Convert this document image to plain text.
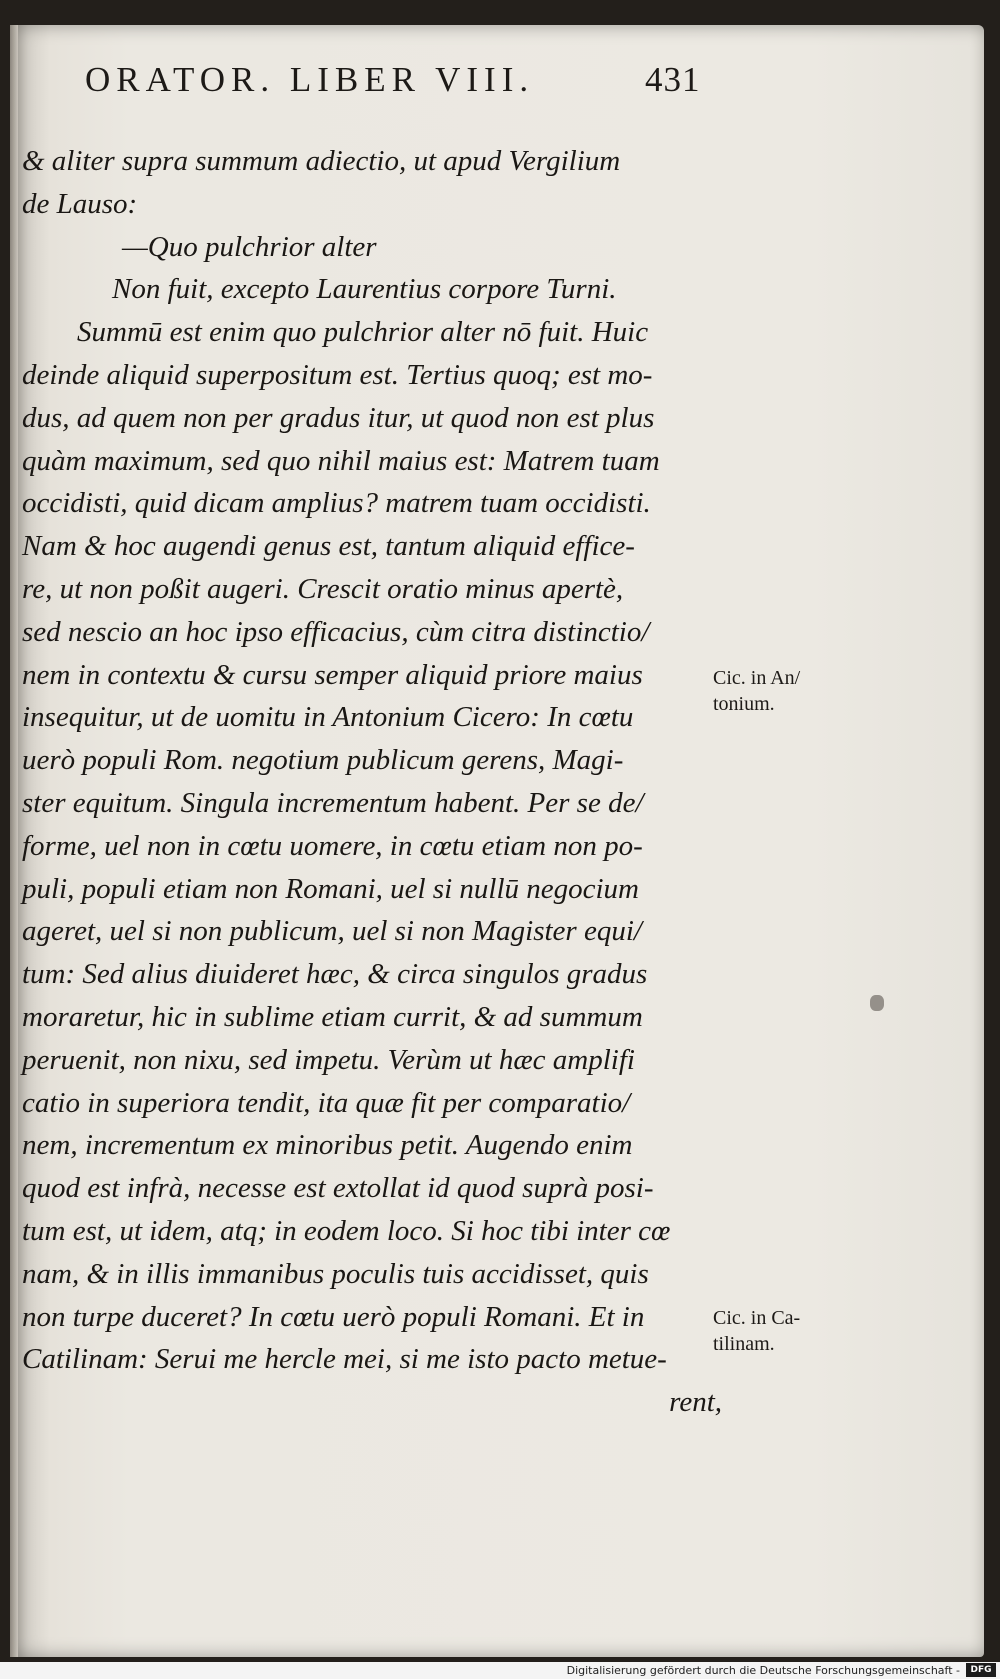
ORATOR. LIBER VIII.	431
& aliter supra summum adiectio, ut apud Vergilium
de Lauso:
—Quo pulchrior alter
Non fuit, excepto Laurentius corpore Turni.
Summū est enim quo pulchrior alter nō fuit. Huic
deinde aliquid superpositum est. Tertius quoq; est mo-
dus, ad quem non per gradus itur, ut quod non est plus
quàm maximum, sed quo nihil maius est: Matrem tuam
occidisti, quid dicam amplius? matrem tuam occidisti.
Nam & hoc augendi genus est, tantum aliquid effice-
re, ut non poßit augeri. Crescit oratio minus apertè,
sed nescio an hoc ipso efficacius, cùm citra distinctio/
nem in contextu & cursu semper aliquid priore maius
insequitur, ut de uomitu in Antonium Cicero: In cœtu
uerò populi Rom. negotium publicum gerens, Magi-
ster equitum. Singula incrementum habent. Per se de/
forme, uel non in cœtu uomere, in cœtu etiam non po-
puli, populi etiam non Romani, uel si nullū negocium
ageret, uel si non publicum, uel si non Magister equi/
tum: Sed alius diuideret hæc, & circa singulos gradus
moraretur, hic in sublime etiam currit, & ad summum
peruenit, non nixu, sed impetu. Verùm ut hæc amplifi
catio in superiora tendit, ita quæ fit per comparatio/
nem, incrementum ex minoribus petit. Augendo enim
quod est infrà, necesse est extollat id quod suprà posi-
tum est, ut idem, atq; in eodem loco. Si hoc tibi inter cœ
nam, & in illis immanibus poculis tuis accidisset, quis
non turpe duceret? In cœtu uerò populi Romani. Et in
Catilinam: Serui me hercle mei, si me isto pacto metue-
rent,
Cic. in An/
tonium.
Cic. in Ca-
tilinam.
Digitalisierung gefördert durch die Deutsche Forschungsgemeinschaft -	DFG
